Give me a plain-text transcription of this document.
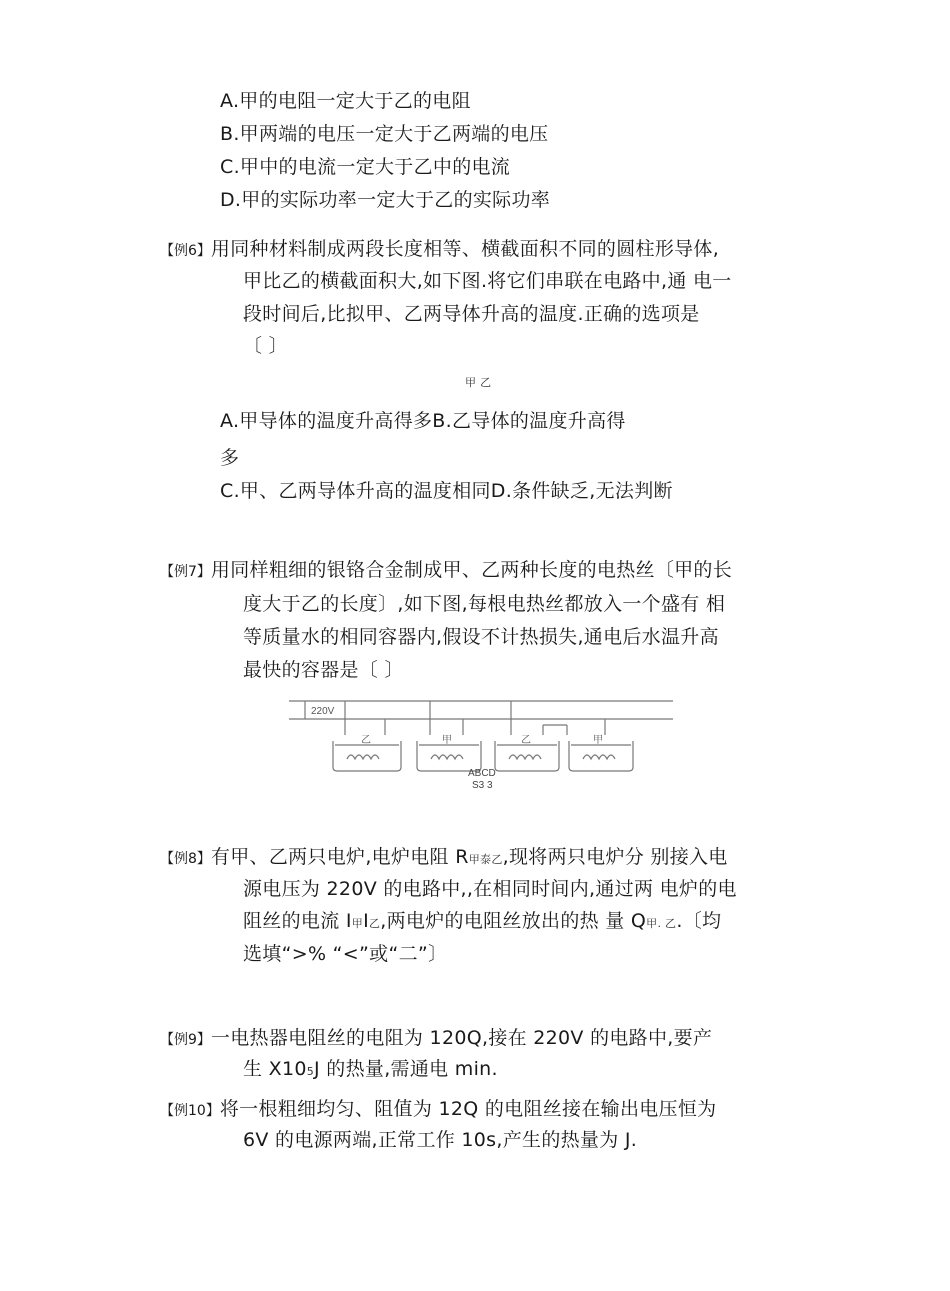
A.甲的电阻一定大于乙的电阻
B.甲两端的电压一定大于乙两端的电压
C.甲中的电流一定大于乙中的电流
D.甲的实际功率一定大于乙的实际功率
【例6】用同种材料制成两段长度相等、横截面积不同的圆柱形导体,
甲比乙的横截面积大,如下图.将它们串联在电路中,通 电一
段时间后,比拟甲、乙两导体升高的温度.正确的选项是
〔 〕
甲 乙
A.甲导体的温度升高得多B.乙导体的温度升高得
多
C.甲、乙两导体升高的温度相同D.条件缺乏,无法判断
【例7】用同样粗细的银铬合金制成甲、乙两种长度的电热丝〔甲的长
度大于乙的长度〕,如下图,每根电热丝都放入一个盛有 相
等质量水的相同容器内,假设不计热损失,通电后水温升高
最快的容器是〔 〕
220V
乙	甲	乙	甲
ABCD
S3 3
【例8】有甲、乙两只电炉,电炉电阻 R甲泰乙,现将两只电炉分 别接入电
源电压为 220V 的电路中,,在相同时间内,通过两 电炉的电
阻丝的电流 I甲I乙,两电炉的电阻丝放出的热 量 Q甲. 乙.〔均
选填“>% “<”或“二”〕
【例9】一电热器电阻丝的电阻为 120Q,接在 220V 的电路中,要产
生 X105J 的热量,需通电 min.
【例10】将一根粗细均匀、阻值为 12Q 的电阻丝接在输出电压恒为
6V 的电源两端,正常工作 10s,产生的热量为 J.
